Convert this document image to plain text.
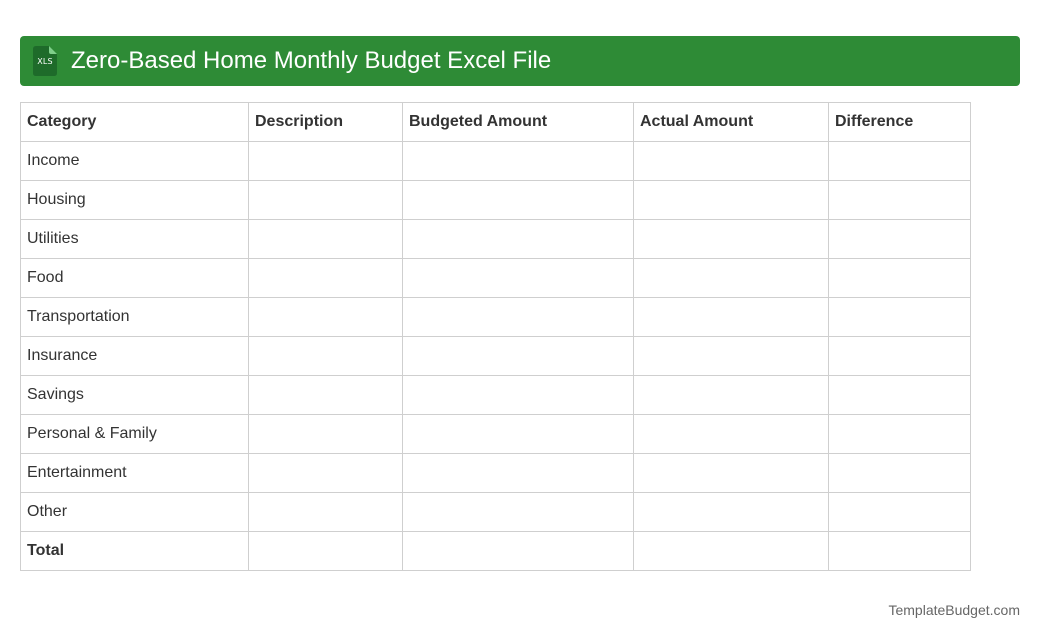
XLS Zero-Based Home Monthly Budget Excel File
Category	Description	Budgeted Amount	Actual Amount	Difference
Income				
Housing				
Utilities				
Food				
Transportation				
Insurance				
Savings				
Personal & Family				
Entertainment				
Other				
Total				
TemplateBudget.com
